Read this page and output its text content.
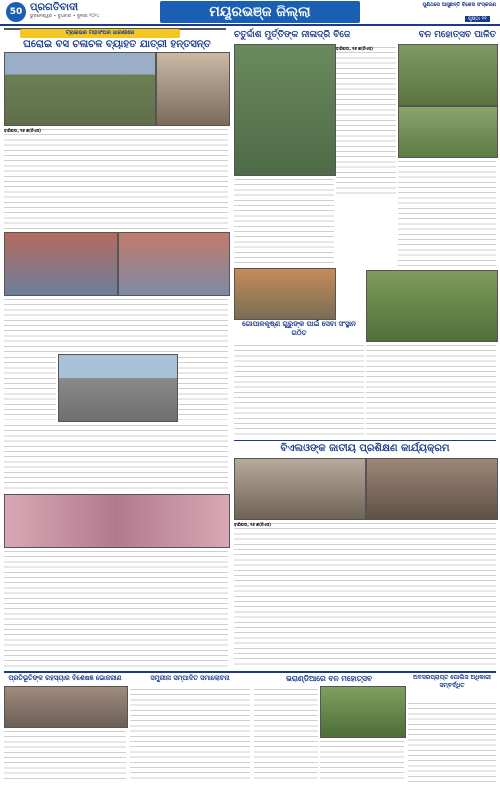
50 ପ୍ରଗତିବାଦୀ
ଭୁବନେଶ୍ୱର • ବୁଧବାର • ଜୁଲାଇ ୨୦୨୪	ମୟୂରଭଞ୍ଜ ଜିଲ୍ଲା	ପୁଣିଥରେ ଆସୁଛନ୍ତି ବିଶେଷ ସଂସ୍କରଣ
ପୃଷ୍ଠା ୧୧
ଟ୍ରାଇଭର ମହାସଂଘର ଧାରଣାରେ
ଘରୋଇ ବସ ଚଳାଚଳ ବ୍ୟାହତ ଯାତ୍ରୀ ହନ୍ତସନ୍ତ
ବାରିପଦା, ୧୬।୭(ନିଏସ)
ଚତୁର୍ଦ୍ଦାଶ ମୁର୍ତ୍ତିଙ୍କ ନୀଳାଦ୍ରି ବିଜେ
ବାରିପଦା, ୧୬।୭(ନିଏସ)
ବନ ମହୋତ୍ସବ ପାଳିତ
ଗୋପାଳକୃଷ୍ଣ ଗୁରୁଙ୍କ ପାଇଁ ସେବା ସଂସ୍ଥାନ ଗଠିତ
ବିଏଲଓଙ୍କ ଜାତୀୟ ପ୍ରଶିକ୍ଷଣ କାର୍ଯ୍ୟକ୍ରମ
ବାରିପଦା, ୧୬।୭(ନିଏସ)
ପ୍ରତିଭୂତିଙ୍କ ରହସ୍ୟାର ବିଶେଷଜ୍ଞ ଭୋଜରୀଣ	ସମ୍ପ୍ରୀନା ସମ୍ପାଦିତ ସମାଲୋଚନା	ଭରାଣ୍ଡିଆରେ ବନ ମହୋତ୍ସବ	ଅବସରପ୍ରାପ୍ତ ପୋଲିସ ଅଧିକାରୀ ସମ୍ବର୍ଦ୍ଧିତ
